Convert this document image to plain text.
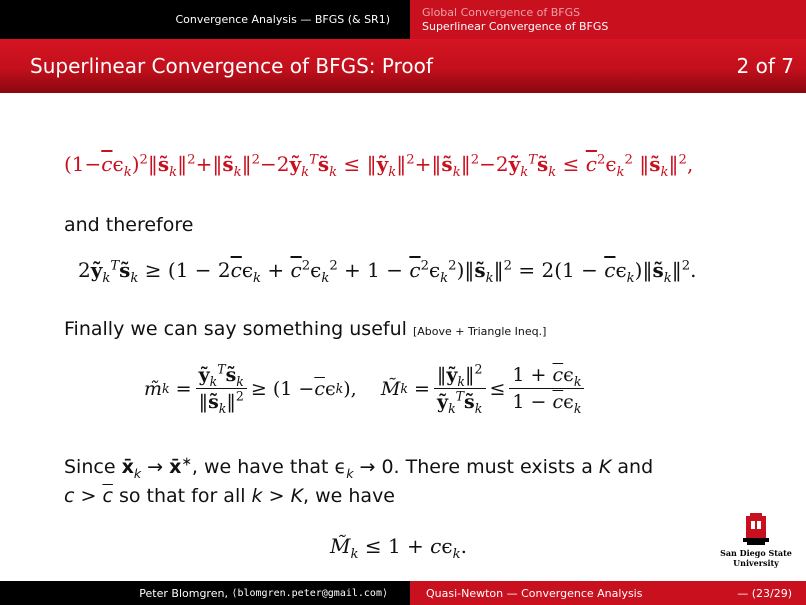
Convergence Analysis — BFGS (& SR1)
Global Convergence of BFGS
Superlinear Convergence of BFGS
Superlinear Convergence of BFGS: Proof	2 of 7
$(1-\overline{c}\epsilon_k)^2‖s̃_k‖^2+‖s̃_k‖^2-2ỹ_k^Ts̃_k$ ≤ $‖ỹ_k‖^2+‖s̃_k‖^2-2ỹ_k^Ts̃_k \le \overline{c}^2\epsilon_k^2$ $‖s̃_k‖^2$,
and therefore
$2ỹ_k^Ts̃_k \ge (1 - 2\overline{c}\epsilon_k + \overline{c}^2\epsilon_k^2 + 1$ − $\overline{c}^2\epsilon_k^2)‖s̃_k‖^2 = 2(1$ − $\overline{c}\epsilon_k)‖s̃_k‖^2$.
Finally we can say something useful [Above + Triangle Ineq.]
m̃ $k = \frac{ỹ_k^Ts̃_k}{‖s̃_k‖^2} \ge (1 - \overline{c}$ ϵ k ), M̃ $k = \frac{‖ỹ_k‖^2}{ỹ_k^Ts̃_k} \le \frac{1 + \overline{c}\epsilon_k}{1 - \overline{c}\epsilon_k}$
Since $x̄_k$ → x̄∗, we have that $\epsilon_k \to 0$. There must exists a K and
$c > \overline{c}$ so that for all k > K, we have
$M̃_k \le 1 + c\epsilon_k$.	San Diego State
University
Peter Blomgren,
⟨blomgren.peter@gmail.com⟩	Quasi-Newton — Convergence Analysis	— (23/29)
